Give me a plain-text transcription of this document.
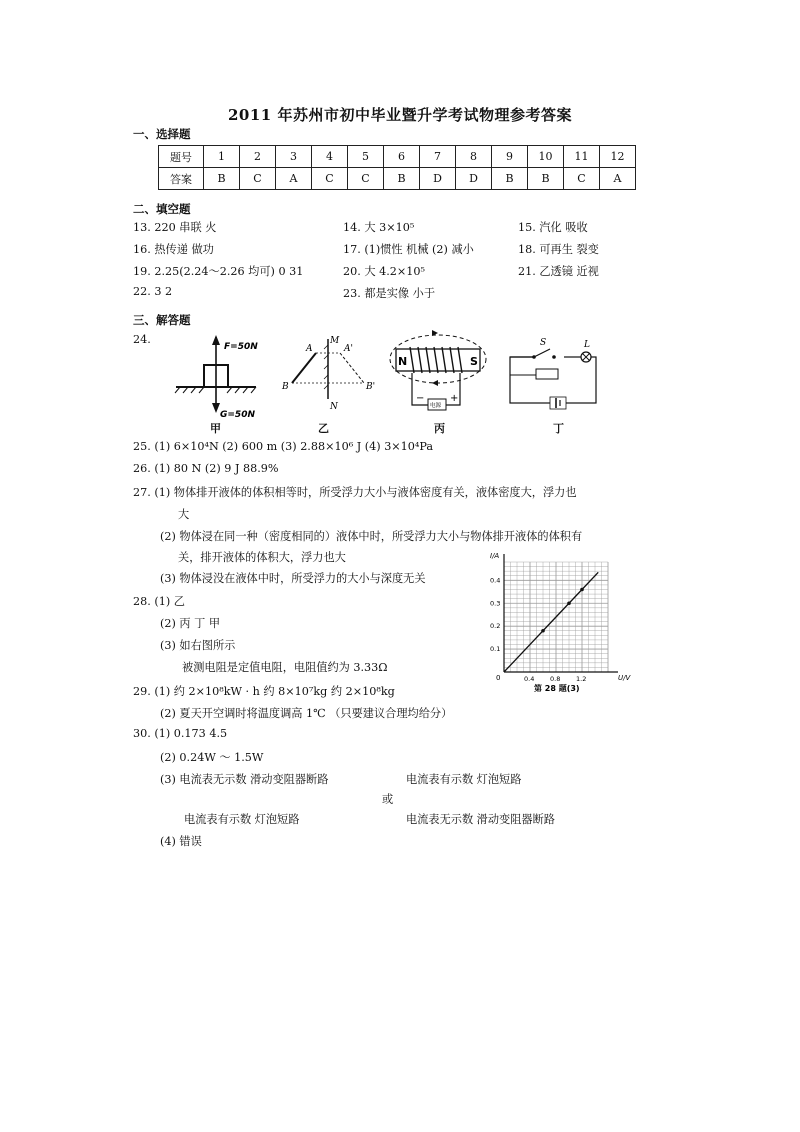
2011 年苏州市初中毕业暨升学考试物理参考答案
一、选择题
题号	1	2	3	4	5	6	7	8	9	10	11	12
答案	B	C	A	C	C	B	D	D	B	B	C	A
二、填空题
13. 220 串联 火	14. 大 3×10⁵	15. 汽化 吸收
16. 热传递 做功	17. (1)惯性 机械 (2) 减小	18. 可再生 裂变
19. 2.25(2.24～2.26 均可) 0 31	20. 大 4.2×10⁵	21. 乙透镜 近视
22. 3 2	23. 都是实像 小于
三、解答题
24.
F=50N
G=50N
A	A'
B	B'
M
N
N	S
电源
−	+
S	L
甲	乙	丙	丁
25. (1) 6×10⁴N (2) 600 m (3) 2.88×10⁶ J (4) 3×10⁴Pa
26. (1) 80 N (2) 9 J 88.9%
27. (1) 物体排开液体的体积相等时，所受浮力大小与液体密度有关，液体密度大，浮力也
大
(2) 物体浸在同一种（密度相同的）液体中时，所受浮力大小与物体排开液体的体积有
关，排开液体的体积大，浮力也大
(3) 物体浸没在液体中时，所受浮力的大小与深度无关
28. (1) 乙
(2) 丙 丁 甲
(3) 如右图所示
被测电阻是定值电阻，电阻值约为 3.33Ω
0.4 0.8 1.2
0.1
0.2
0.3
0.4
0	U/V
I/A
第 28 题(3)
29. (1) 约 2×10⁸kW · h 约 8×10⁷kg 约 2×10⁸kg
(2) 夏天开空调时将温度调高 1℃ （只要建议合理均给分）
30. (1) 0.173 4.5
(2) 0.24W ～ 1.5W
(3) 电流表无示数 滑动变阻器断路	电流表有示数 灯泡短路
或
电流表有示数 灯泡短路	电流表无示数 滑动变阻器断路
(4) 错误
